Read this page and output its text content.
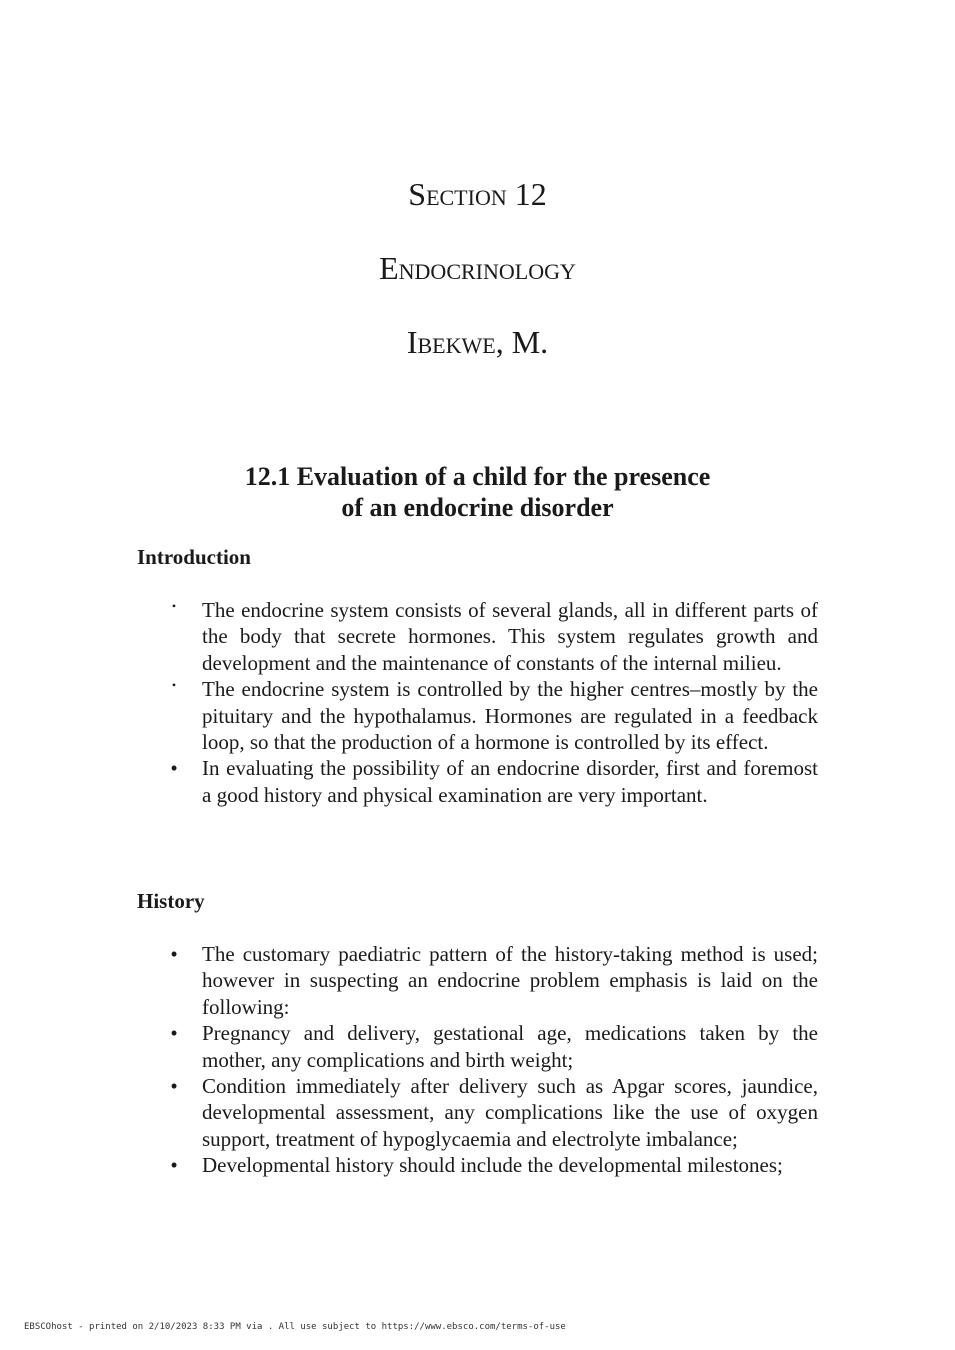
Section 12
Endocrinology
Ibekwe, M.
12.1 Evaluation of a child for the presence
of an endocrine disorder
Introduction
• The endocrine system consists of several glands, all in different parts of the body that secrete hormones. This system regulates growth and development and the maintenance of constants of the internal milieu.
• The endocrine system is controlled by the higher centres–mostly by the pituitary and the hypothalamus. Hormones are regulated in a feedback loop, so that the production of a hormone is controlled by its effect.
• In evaluating the possibility of an endocrine disorder, first and foremost a good history and physical examination are very important.
History
• The customary paediatric pattern of the history-taking method is used; however in suspecting an endocrine problem emphasis is laid on the following:
• Pregnancy and delivery, gestational age, medications taken by the mother, any complications and birth weight;
• Condition immediately after delivery such as Apgar scores, jaundice, developmental assessment, any complications like the use of oxygen support, treatment of hypoglycaemia and electrolyte imbalance;
• Developmental history should include the developmental milestones;
EBSCOhost - printed on 2/10/2023 8:33 PM via . All use subject to https://www.ebsco.com/terms-of-use
